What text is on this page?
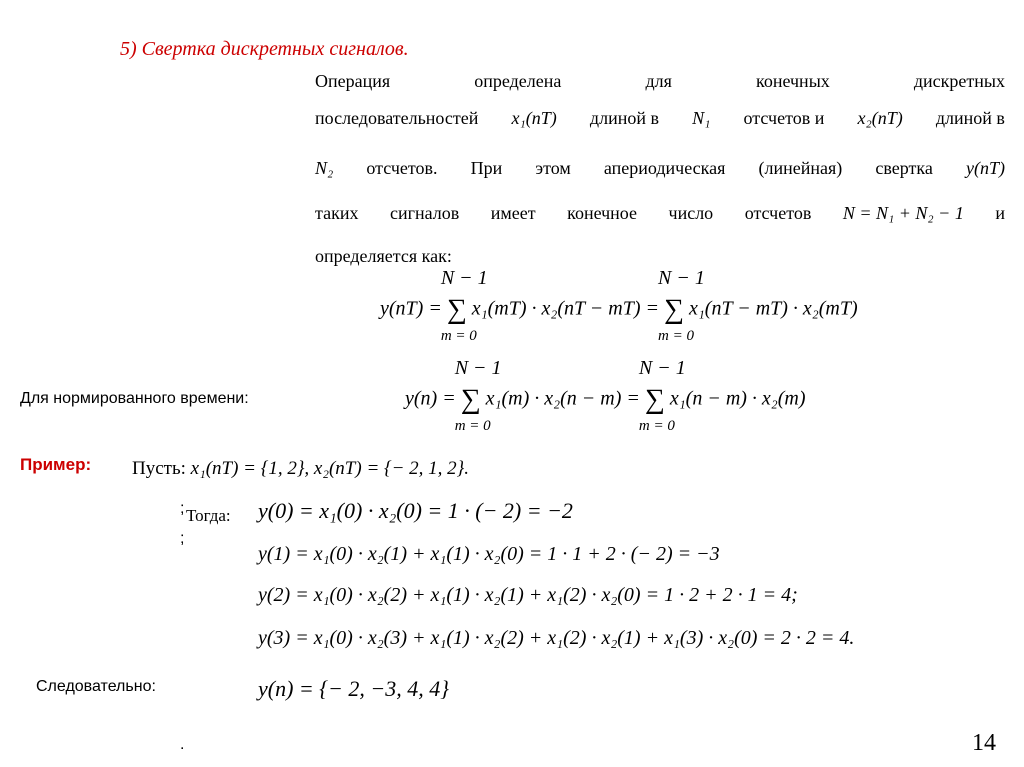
5) Свертка дискретных сигналов.
Операция	определена	для	конечных	дискретных
последовательностей x₁(nT) длиной в N₁ отсчетов и x₂(nT) длиной в
N₂ отсчетов. При этом апериодическая (линейная) свертка y(nT)
таких сигналов имеет конечное число отсчетов N = N₁ + N₂ − 1 и
определяется как:
y(nT) = ∑
N − 1
m = 0
x₁(mT) · x₂(nT − mT) = ∑
N − 1
m = 0
x₁(nT − mT) · x₂(mT)
Для нормированного времени:	y(n) = ∑
N − 1
m = 0
x₁(m) · x₂(n − m) = ∑
N − 1
m = 0
x₁(n − m) · x₂(m)
Пример: Пусть: x₁(nT) = {1, 2}, x₂(nT) = {− 2, 1, 2}.
; Тогда:
;
y(0) = x₁(0) · x₂(0) = 1 · (− 2) = −2
y(1) = x₁(0) · x₂(1) + x₁(1) · x₂(0) = 1 · 1 + 2 · (− 2) = −3
y(2) = x₁(0) · x₂(2) + x₁(1) · x₂(1) + x₁(2) · x₂(0) = 1 · 2 + 2 · 1 = 4;
y(3) = x₁(0) · x₂(3) + x₁(1) · x₂(2) + x₁(2) · x₂(1) + x₁(3) · x₂(0) = 2 · 2 = 4.
Следовательно:	y(n) = {− 2, −3, 4, 4}
.	14
